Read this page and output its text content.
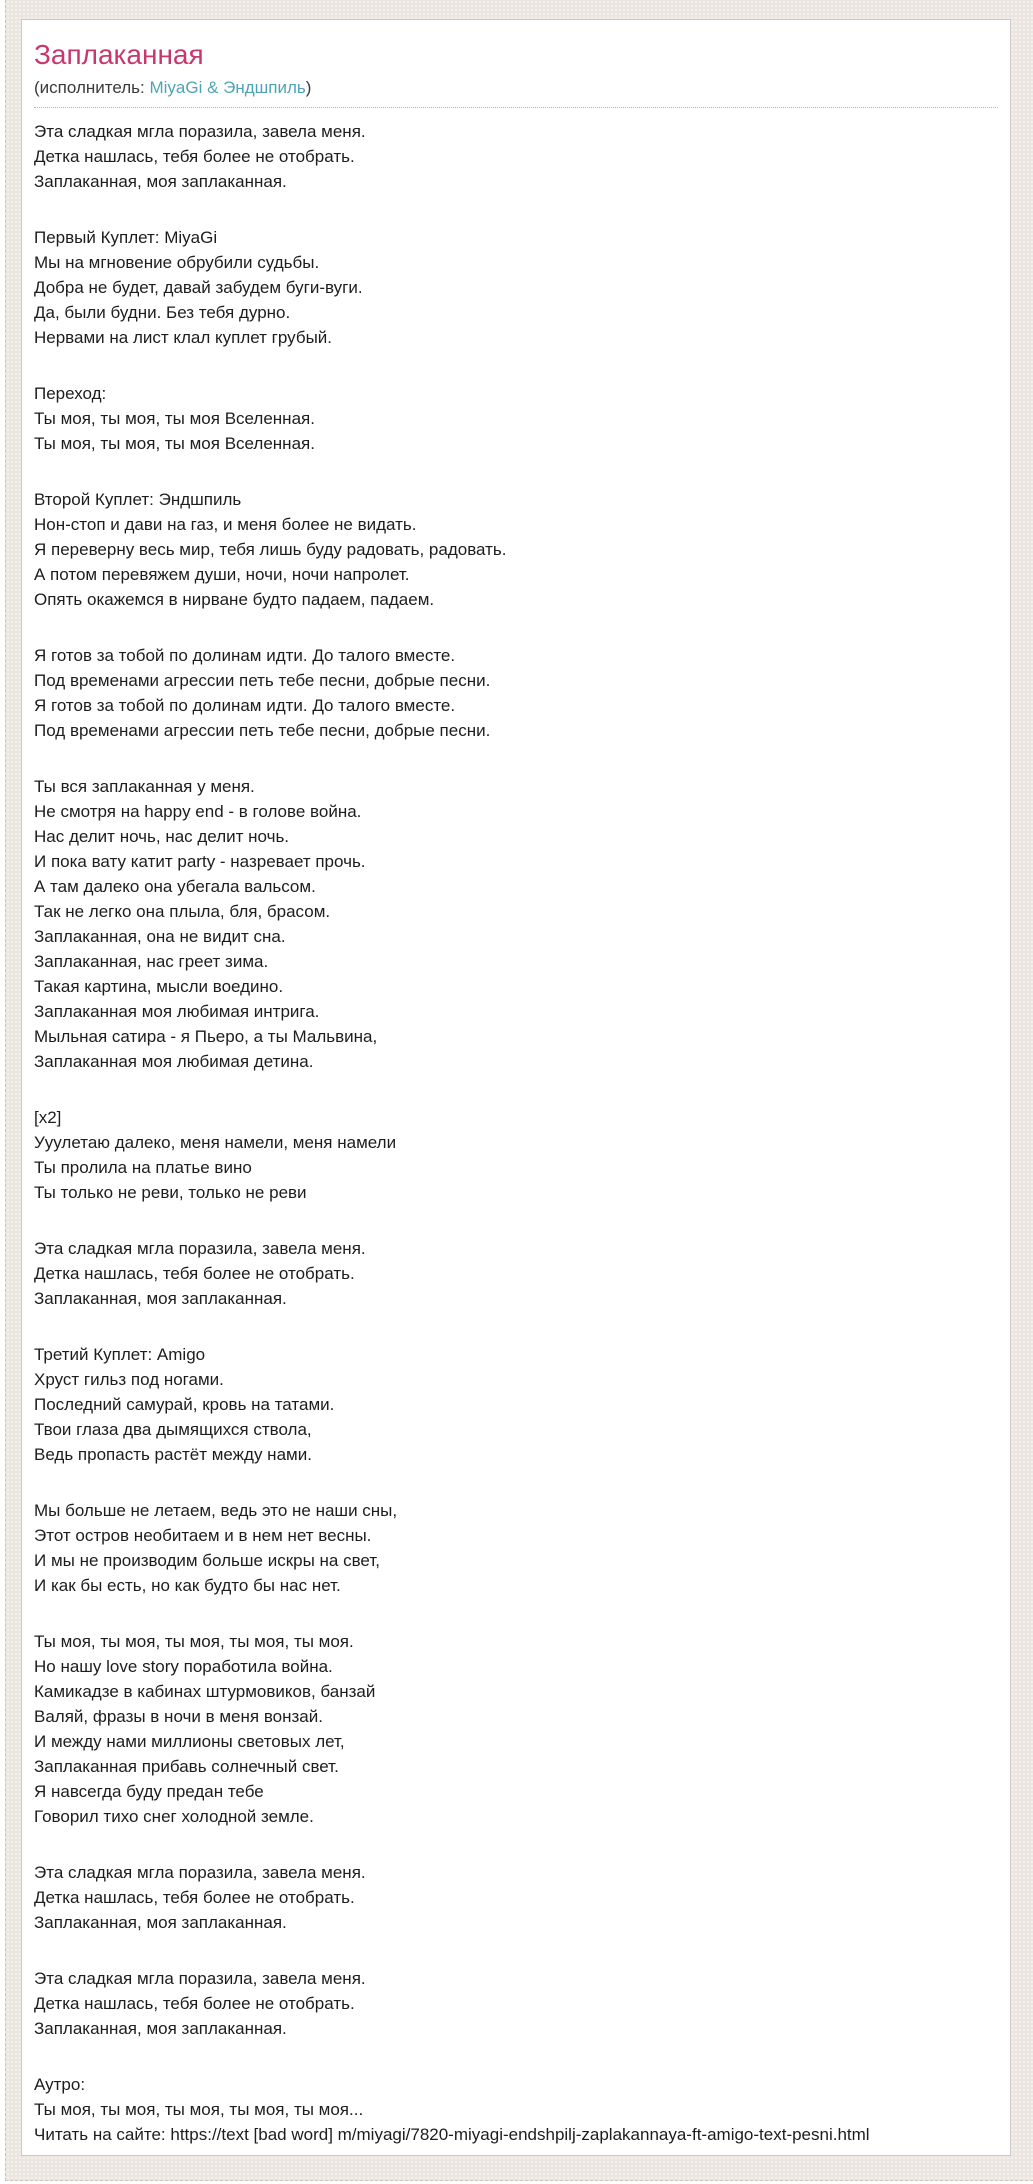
Заплаканная

(исполнитель: MiyaGi & Эндшпиль)

Эта сладкая мгла поразила, завела меня.
Детка нашлась, тебя более не отобрать.
Заплаканная, моя заплаканная.

Первый Куплет: MiyaGi
Мы на мгновение обрубили судьбы.
Добра не будет, давай забудем буги-вуги.
Да, были будни. Без тебя дурно.
Нервами на лист клал куплет грубый.

Переход:
Ты моя, ты моя, ты моя Вселенная.
Ты моя, ты моя, ты моя Вселенная.

Второй Куплет: Эндшпиль
Нон-стоп и дави на газ, и меня более не видать.
Я переверну весь мир, тебя лишь буду радовать, радовать.
А потом перевяжем души, ночи, ночи напролет.
Опять окажемся в нирване будто падаем, падаем.

Я готов за тобой по долинам идти. До талого вместе.
Под временами агрессии петь тебе песни, добрые песни.
Я готов за тобой по долинам идти. До талого вместе.
Под временами агрессии петь тебе песни, добрые песни.

Ты вся заплаканная у меня.
Не смотря на happy end - в голове война.
Нас делит ночь, нас делит ночь.
И пока вату катит party - назревает прочь.
А там далеко она убегала вальсом.
Так не легко она плыла, бля, брасом.
Заплаканная, она не видит сна.
Заплаканная, нас греет зима.
Такая картина, мысли воедино.
Заплаканная моя любимая интрига.
Мыльная сатира - я Пьеро, а ты Мальвина,
Заплаканная моя любимая детина.

[x2]
Ууулетаю далеко, меня намели, меня намели
Ты пролила на платье вино
Ты только не реви, только не реви

Эта сладкая мгла поразила, завела меня.
Детка нашлась, тебя более не отобрать.
Заплаканная, моя заплаканная.

Третий Куплет: Amigo
Хруст гильз под ногами.
Последний самурай, кровь на татами.
Твои глаза два дымящихся ствола,
Ведь пропасть растёт между нами.

Мы больше не летаем, ведь это не наши сны,
Этот остров необитаем и в нем нет весны.
И мы не производим больше искры на свет,
И как бы есть, но как будто бы нас нет.

Ты моя, ты моя, ты моя, ты моя, ты моя.
Но нашу love story поработила война.
Камикадзе в кабинах штурмовиков, банзай
Валяй, фразы в ночи в меня вонзай.
И между нами миллионы световых лет,
Заплаканная прибавь солнечный свет.
Я навсегда буду предан тебе
Говорил тихо снег холодной земле.

Эта сладкая мгла поразила, завела меня.
Детка нашлась, тебя более не отобрать.
Заплаканная, моя заплаканная.

Эта сладкая мгла поразила, завела меня.
Детка нашлась, тебя более не отобрать.
Заплаканная, моя заплаканная.

Аутро:
Ты моя, ты моя, ты моя, ты моя, ты моя...
Читать на сайте: https://text [bad word] m/miyagi/7820-miyagi-endshpilj-zaplakannaya-ft-amigo-text-pesni.html
